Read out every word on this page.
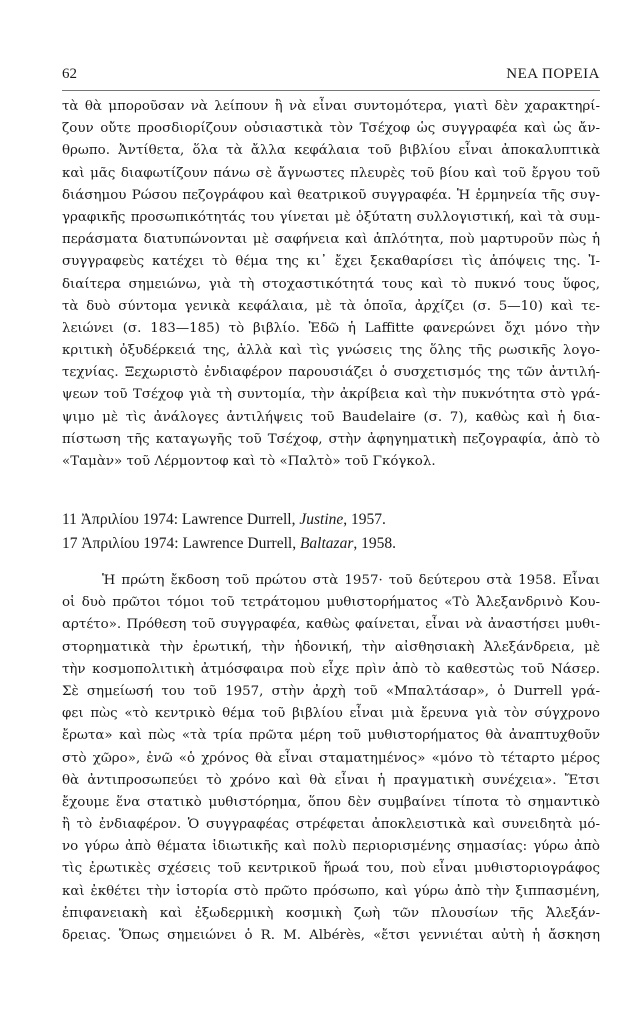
62	ΝΕΑ ΠΟΡΕΙΑ
τὰ θὰ μποροῦσαν νὰ λείπουν ἢ νὰ εἶναι συντομότερα, γιατὶ δὲν χαρακτηρί-
ζουν οὔτε προσδιορίζουν οὐσιαστικὰ τὸν Τσέχοφ ὡς συγγραφέα καὶ ὡς ἄν-
θρωπο. Ἀντίθετα, ὅλα τὰ ἄλλα κεφάλαια τοῦ βιβλίου εἶναι ἀποκαλυπτικὰ
καὶ μᾶς διαφωτίζουν πάνω σὲ ἄγνωστες πλευρὲς τοῦ βίου καὶ τοῦ ἔργου τοῦ
διάσημου Ρώσου πεζογράφου καὶ θεατρικοῦ συγγραφέα. Ἡ ἑρμηνεία τῆς συγ-
γραφικῆς προσωπικότητάς του γίνεται μὲ ὀξύτατη συλλογιστική, καὶ τὰ συμ-
περάσματα διατυπώνονται μὲ σαφήνεια καὶ ἁπλότητα, ποὺ μαρτυροῦν πὼς ἡ
συγγραφεὺς κατέχει τὸ θέμα της κι᾿ ἔχει ξεκαθαρίσει τὶς ἀπόψεις της. Ἰ-
διαίτερα σημειώνω, γιὰ τὴ στοχαστικότητά τους καὶ τὸ πυκνό τους ὕφος,
τὰ δυὸ σύντομα γενικὰ κεφάλαια, μὲ τὰ ὁποῖα, ἀρχίζει (σ. 5—10) καὶ τε-
λειώνει (σ. 183—185) τὸ βιβλίο. Ἐδῶ ἡ Laffitte φανερώνει ὄχι μόνο τὴν
κριτικὴ ὀξυδέρκειά της, ἀλλὰ καὶ τὶς γνώσεις της ὅλης τῆς ρωσικῆς λογο-
τεχνίας. Ξεχωριστὸ ἐνδιαφέρον παρουσιάζει ὁ συσχετισμός της τῶν ἀντιλή-
ψεων τοῦ Τσέχοφ γιὰ τὴ συντομία, τὴν ἀκρίβεια καὶ τὴν πυκνότητα στὸ γρά-
ψιμο μὲ τὶς ἀνάλογες ἀντιλήψεις τοῦ Baudelaire (σ. 7), καθὼς καὶ ἡ δια-
πίστωση τῆς καταγωγῆς τοῦ Τσέχοφ, στὴν ἀφηγηματικὴ πεζογραφία, ἀπὸ τὸ
«Ταμὰν» τοῦ Λέρμοντοφ καὶ τὸ «Παλτὸ» τοῦ Γκόγκολ.
11 Ἀπριλίου 1974: Lawrence Durrell, Justine, 1957.
17 Ἀπριλίου 1974: Lawrence Durrell, Baltazar, 1958.
Ἡ πρώτη ἔκδοση τοῦ πρώτου στὰ 1957· τοῦ δεύτερου στὰ 1958. Εἶναι
οἱ δυὸ πρῶτοι τόμοι τοῦ τετράτομου μυθιστορήματος «Τὸ Ἀλεξανδρινὸ Κου-
αρτέτο». Πρόθεση τοῦ συγγραφέα, καθὼς φαίνεται, εἶναι νὰ ἀναστήσει μυθι-
στορηματικὰ τὴν ἐρωτική, τὴν ἡδονική, τὴν αἰσθησιακὴ Ἀλεξάνδρεια, μὲ
τὴν κοσμοπολιτικὴ ἀτμόσφαιρα ποὺ εἶχε πρὶν ἀπὸ τὸ καθεστὼς τοῦ Νάσερ.
Σὲ σημείωσή του τοῦ 1957, στὴν ἀρχὴ τοῦ «Μπαλτάσαρ», ὁ Durrell γρά-
φει πὼς «τὸ κεντρικὸ θέμα τοῦ βιβλίου εἶναι μιὰ ἔρευνα γιὰ τὸν σύγχρονο
ἔρωτα» καὶ πὼς «τὰ τρία πρῶτα μέρη τοῦ μυθιστορήματος θὰ ἀναπτυχθοῦν
στὸ χῶρο», ἐνῶ «ὁ χρόνος θὰ εἶναι σταματημένος» «μόνο τὸ τέταρτο μέρος
θὰ ἀντιπροσωπεύει τὸ χρόνο καὶ θὰ εἶναι ἡ πραγματικὴ συνέχεια». Ἔτσι
ἔχουμε ἕνα στατικὸ μυθιστόρημα, ὅπου δὲν συμβαίνει τίποτα τὸ σημαντικὸ
ἢ τὸ ἐνδιαφέρον. Ὁ συγγραφέας στρέφεται ἀποκλειστικὰ καὶ συνειδητὰ μό-
νο γύρω ἀπὸ θέματα ἰδιωτικῆς καὶ πολὺ περιορισμένης σημασίας: γύρω ἀπὸ
τὶς ἐρωτικὲς σχέσεις τοῦ κεντρικοῦ ἥρωά του, ποὺ εἶναι μυθιστοριογράφος
καὶ ἐκθέτει τὴν ἱστορία στὸ πρῶτο πρόσωπο, καὶ γύρω ἀπὸ τὴν ξιππασμένη,
ἐπιφανειακὴ καὶ ἐξωδερμικὴ κοσμικὴ ζωὴ τῶν πλουσίων τῆς Ἀλεξάν-
δρειας. Ὅπως σημειώνει ὁ R. M. Albérès, «ἔτσι γεννιέται αὐτὴ ἡ ἄσκηση
